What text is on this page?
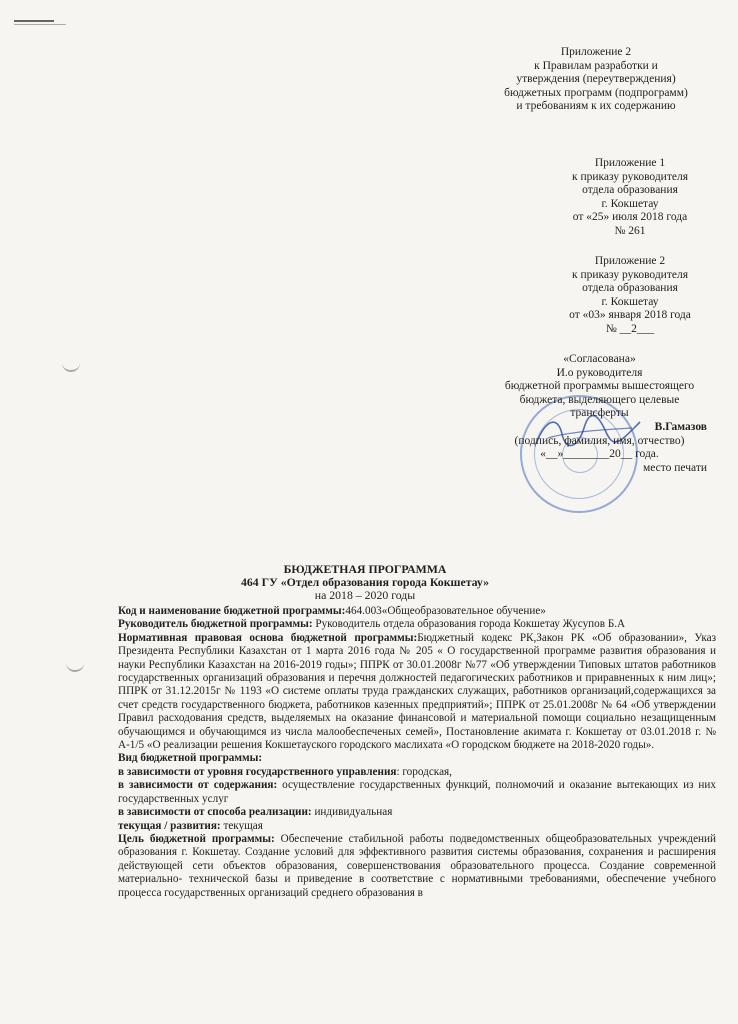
Приложение 2
к Правилам разработки и
утверждения (переутверждения)
бюджетных программ (подпрограмм)
и требованиям к их содержанию
Приложение 1
к приказу руководителя
отдела образования
г. Кокшетау
от «25» июля 2018 года
№ 261
Приложение 2
к приказу руководителя
отдела образования
г. Кокшетау
от «03» января 2018 года
№ __2___
«Согласована»
И.о руководителя
бюджетной программы вышестоящего
бюджета, выделяющего целевые
трансферты
В.Гамазов
(подпись, фамилия, имя, отчество)
«__»________20__ года.
место печати
БЮДЖЕТНАЯ ПРОГРАММА
464 ГУ «Отдел образования города Кокшетау»
на 2018 – 2020 годы

Код и наименование бюджетной программы:464.003«Общеобразовательное обучение»

Руководитель бюджетной программы: Руководитель отдела образования города Кокшетау Жусупов Б.А

Нормативная правовая основа бюджетной программы:Бюджетный кодекс РК,Закон РК «Об образовании», Указ Президента Республики Казахстан от 1 марта 2016 года № 205 « О государственной программе развития образования и науки Республики Казахстан на 2016-2019 годы»; ППРК от 30.01.2008г №77 «Об утверждении Типовых штатов работников государственных организаций образования и перечня должностей педагогических работников и приравненных к ним лиц»; ППРК от 31.12.2015г № 1193 «О системе оплаты труда гражданских служащих, работников организаций,содержащихся за счет средств государственного бюджета, работников казенных предприятий»; ППРК от 25.01.2008г № 64 «Об утверждении Правил расходования средств, выделяемых на оказание финансовой и материальной помощи социально незащищенным обучающимся и обучающимся из числа малообеспеченых семей», Постановление акимата г. Кокшетау от 03.01.2018 г. № А-1/5 «О реализации решения Кокшетауского городского маслихата «О городском бюджете на 2018-2020 годы».

Вид бюджетной программы:

в зависимости от уровня государственного управления: городская,

в зависимости от содержания: осуществление государственных функций, полномочий и оказание вытекающих из них государственных услуг

в зависимости от способа реализации: индивидуальная

текущая / развития: текущая

Цель бюджетной программы: Обеспечение стабильной работы подведомственных общеобразовательных учреждений образования г. Кокшетау. Создание условий для эффективного развития системы образования, сохранения и расширения действующей сети объектов образования, совершенствования образовательного процесса. Создание современной материально- технической базы и приведение в соответствие с нормативными требованиями, обеспечение учебного процесса государственных организаций среднего образования в
